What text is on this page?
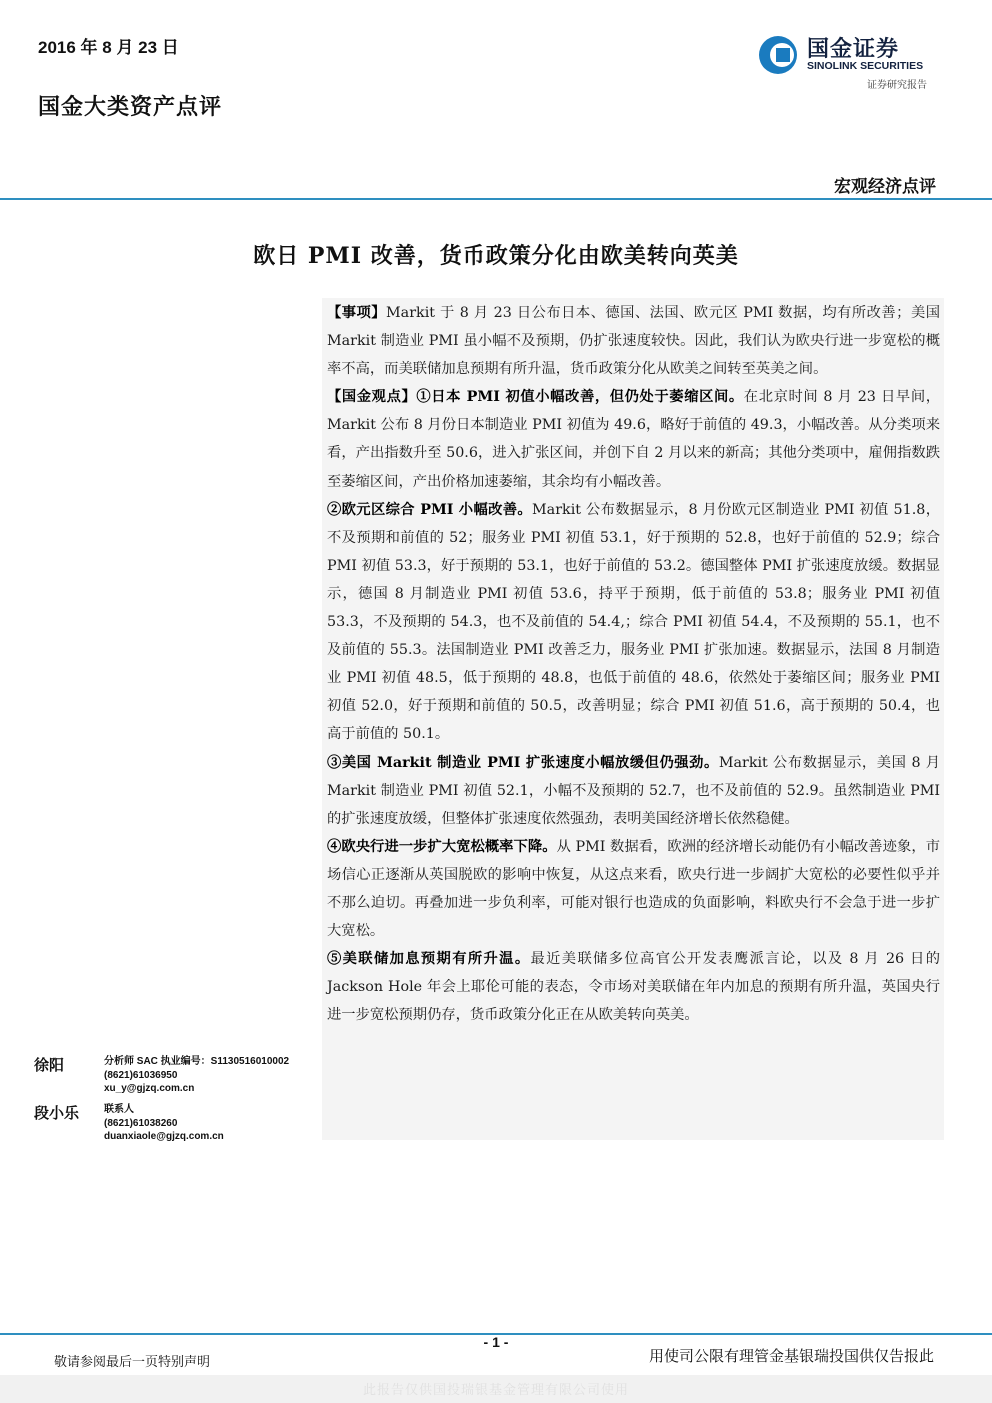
2016 年 8 月 23 日
国金大类资产点评
国金证券
SINOLINK SECURITIES
证券研究报告
宏观经济点评
欧日 PMI 改善，货币政策分化由欧美转向英美

【事项】Markit 于 8 月 23 日公布日本、德国、法国、欧元区 PMI 数据，均有所改善；美国 Markit 制造业 PMI 虽小幅不及预期，仍扩张速度较快。因此，我们认为欧央行进一步宽松的概率不高，而美联储加息预期有所升温，货币政策分化从欧美之间转至英美之间。

【国金观点】①日本 PMI 初值小幅改善，但仍处于萎缩区间。在北京时间 8 月 23 日早间，Markit 公布 8 月份日本制造业 PMI 初值为 49.6，略好于前值的 49.3，小幅改善。从分类项来看，产出指数升至 50.6，进入扩张区间，并创下自 2 月以来的新高；其他分类项中，雇佣指数跌至萎缩区间，产出价格加速萎缩，其余均有小幅改善。

②欧元区综合 PMI 小幅改善。Markit 公布数据显示，8 月份欧元区制造业 PMI 初值 51.8，不及预期和前值的 52；服务业 PMI 初值 53.1，好于预期的 52.8，也好于前值的 52.9；综合 PMI 初值 53.3，好于预期的 53.1，也好于前值的 53.2。德国整体 PMI 扩张速度放缓。数据显示，德国 8 月制造业 PMI 初值 53.6，持平于预期，低于前值的 53.8；服务业 PMI 初值 53.3，不及预期的 54.3，也不及前值的 54.4,；综合 PMI 初值 54.4，不及预期的 55.1，也不及前值的 55.3。法国制造业 PMI 改善乏力，服务业 PMI 扩张加速。数据显示，法国 8 月制造业 PMI 初值 48.5，低于预期的 48.8，也低于前值的 48.6，依然处于萎缩区间；服务业 PMI 初值 52.0，好于预期和前值的 50.5，改善明显；综合 PMI 初值 51.6，高于预期的 50.4，也高于前值的 50.1。

③美国 Markit 制造业 PMI 扩张速度小幅放缓但仍强劲。Markit 公布数据显示，美国 8 月 Markit 制造业 PMI 初值 52.1，小幅不及预期的 52.7，也不及前值的 52.9。虽然制造业 PMI 的扩张速度放缓，但整体扩张速度依然强劲，表明美国经济增长依然稳健。

④欧央行进一步扩大宽松概率下降。从 PMI 数据看，欧洲的经济增长动能仍有小幅改善迹象，市场信心正逐渐从英国脱欧的影响中恢复，从这点来看，欧央行进一步阔扩大宽松的必要性似乎并不那么迫切。再叠加进一步负利率，可能对银行也造成的负面影响，料欧央行不会急于进一步扩大宽松。

⑤美联储加息预期有所升温。最近美联储多位高官公开发表鹰派言论，以及 8 月 26 日的 Jackson Hole 年会上耶伦可能的表态，令市场对美联储在年内加息的预期有所升温，英国央行进一步宽松预期仍存，货币政策分化正在从欧美转向英美。

徐阳	分析师 SAC 执业编号：S1130516010002
(8621)61036950
xu_y@gjzq.com.cn
段小乐	联系人
(8621)61038260
duanxiaole@gjzq.com.cn
- 1 -
敬请参阅最后一页特别声明	用使司公限有理管金基银瑞投国供仅告报此
此报告仅供国投瑞银基金管理有限公司使用
